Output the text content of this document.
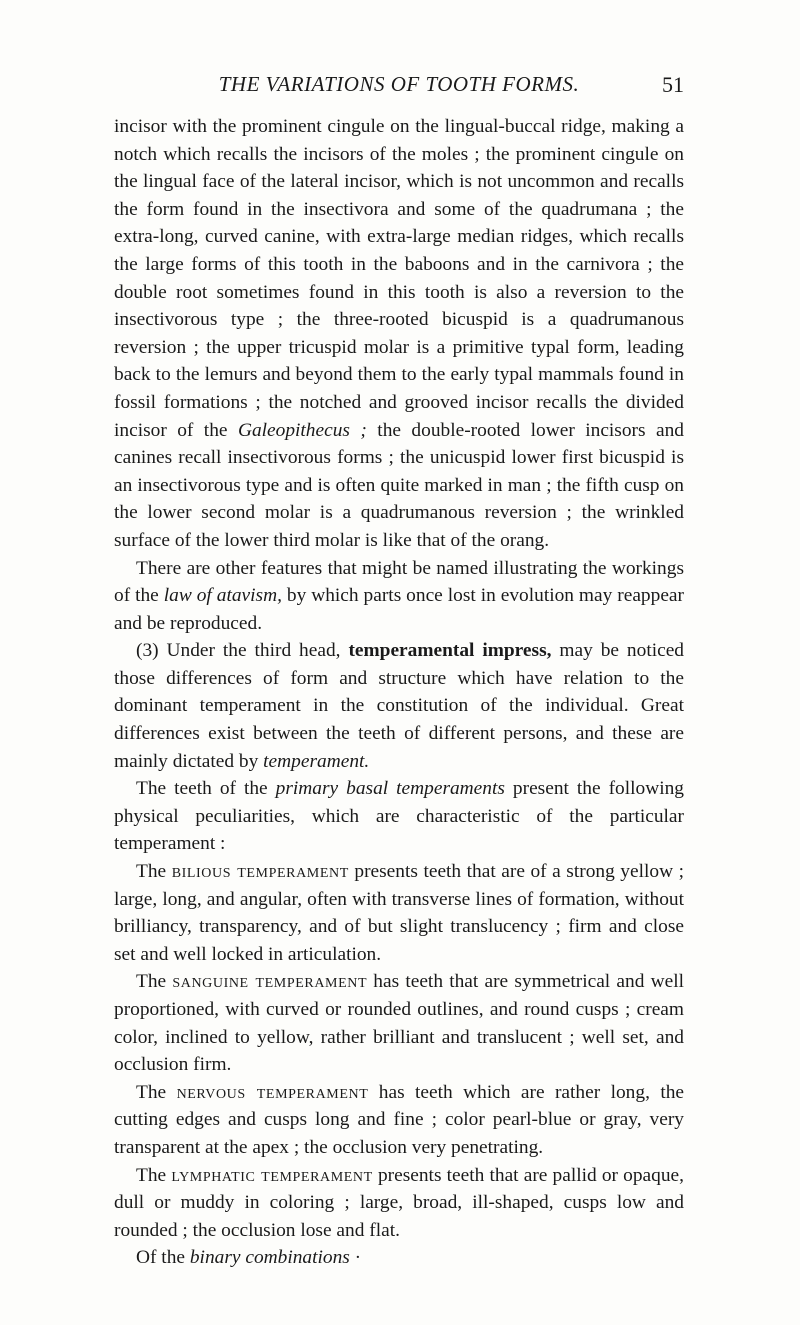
THE VARIATIONS OF TOOTH FORMS.	51

incisor with the prominent cingule on the lingual-buccal ridge, making a notch which recalls the incisors of the moles ; the prominent cingule on the lingual face of the lateral incisor, which is not uncommon and recalls the form found in the insectivora and some of the quadrumana ; the extra-long, curved canine, with extra-large median ridges, which recalls the large forms of this tooth in the baboons and in the carnivora ; the double root sometimes found in this tooth is also a reversion to the insectivorous type ; the three-rooted bicuspid is a quadrumanous reversion ; the upper tricuspid molar is a primitive typal form, leading back to the lemurs and beyond them to the early typal mammals found in fossil formations ; the notched and grooved incisor recalls the divided incisor of the Galeopithecus ; the double-rooted lower incisors and canines recall insectivorous forms ; the unicuspid lower first bicuspid is an insectivorous type and is often quite marked in man ; the fifth cusp on the lower second molar is a quadrumanous reversion ; the wrinkled surface of the lower third molar is like that of the orang.

There are other features that might be named illustrating the workings of the law of atavism, by which parts once lost in evolution may reappear and be reproduced.

(3) Under the third head, temperamental impress, may be noticed those differences of form and structure which have relation to the dominant temperament in the constitution of the individual. Great differences exist between the teeth of different persons, and these are mainly dictated by temperament.

The teeth of the primary basal temperaments present the following physical peculiarities, which are characteristic of the particular temperament :

The bilious temperament presents teeth that are of a strong yellow ; large, long, and angular, often with transverse lines of formation, without brilliancy, transparency, and of but slight translucency ; firm and close set and well locked in articulation.

The sanguine temperament has teeth that are symmetrical and well proportioned, with curved or rounded outlines, and round cusps ; cream color, inclined to yellow, rather brilliant and translucent ; well set, and occlusion firm.

The nervous temperament has teeth which are rather long, the cutting edges and cusps long and fine ; color pearl-blue or gray, very transparent at the apex ; the occlusion very penetrating.

The lymphatic temperament presents teeth that are pallid or opaque, dull or muddy in coloring ; large, broad, ill-shaped, cusps low and rounded ; the occlusion lose and flat.

Of the binary combinations ·
